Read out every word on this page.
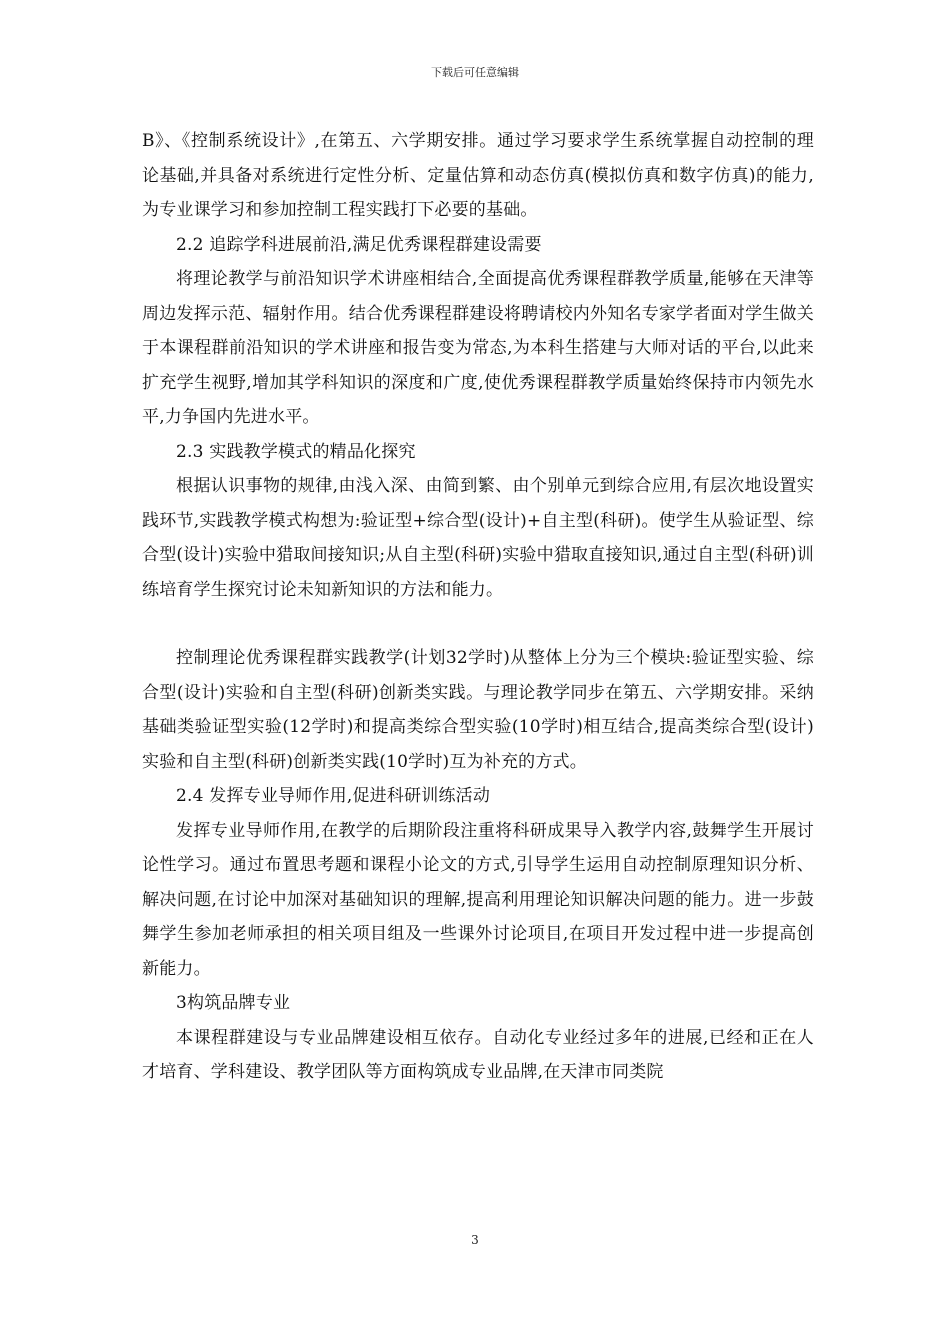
下载后可任意编辑

B》、《控制系统设计》,在第五、六学期安排。通过学习要求学生系统掌握自动控制的理论基础,并具备对系统进行定性分析、定量估算和动态仿真(模拟仿真和数字仿真)的能力,为专业课学习和参加控制工程实践打下必要的基础。

2.2 追踪学科进展前沿,满足优秀课程群建设需要

将理论教学与前沿知识学术讲座相结合,全面提高优秀课程群教学质量,能够在天津等周边发挥示范、辐射作用。结合优秀课程群建设将聘请校内外知名专家学者面对学生做关于本课程群前沿知识的学术讲座和报告变为常态,为本科生搭建与大师对话的平台,以此来扩充学生视野,增加其学科知识的深度和广度,使优秀课程群教学质量始终保持市内领先水平,力争国内先进水平。

2.3 实践教学模式的精品化探究

根据认识事物的规律,由浅入深、由简到繁、由个别单元到综合应用,有层次地设置实践环节,实践教学模式构想为:验证型+综合型(设计)+自主型(科研)。使学生从验证型、综合型(设计)实验中猎取间接知识;从自主型(科研)实验中猎取直接知识,通过自主型(科研)训练培育学生探究讨论未知新知识的方法和能力。

控制理论优秀课程群实践教学(计划32学时)从整体上分为三个模块:验证型实验、综合型(设计)实验和自主型(科研)创新类实践。与理论教学同步在第五、六学期安排。采纳基础类验证型实验(12学时)和提高类综合型实验(10学时)相互结合,提高类综合型(设计)实验和自主型(科研)创新类实践(10学时)互为补充的方式。

2.4 发挥专业导师作用,促进科研训练活动

发挥专业导师作用,在教学的后期阶段注重将科研成果导入教学内容,鼓舞学生开展讨论性学习。通过布置思考题和课程小论文的方式,引导学生运用自动控制原理知识分析、解决问题,在讨论中加深对基础知识的理解,提高利用理论知识解决问题的能力。进一步鼓舞学生参加老师承担的相关项目组及一些课外讨论项目,在项目开发过程中进一步提高创新能力。

3构筑品牌专业

本课程群建设与专业品牌建设相互依存。自动化专业经过多年的进展,已经和正在人才培育、学科建设、教学团队等方面构筑成专业品牌,在天津市同类院

3
